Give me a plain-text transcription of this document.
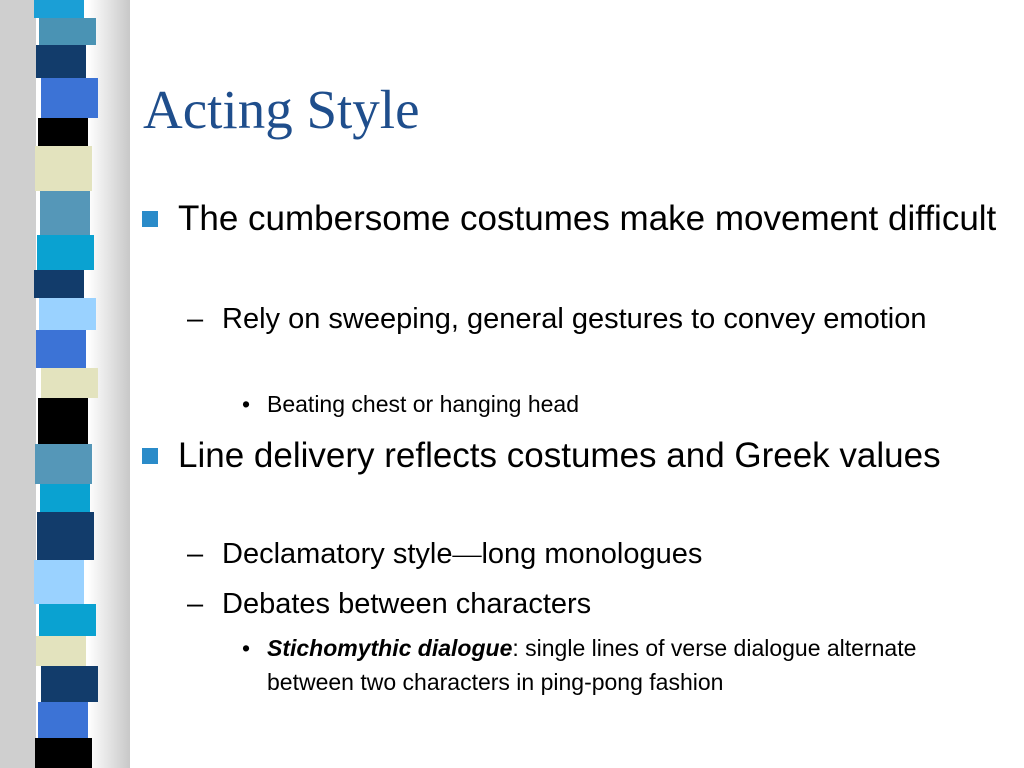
Acting Style
The cumbersome costumes make movement difficult
– Rely on sweeping, general gestures to convey emotion
• Beating chest or hanging head
Line delivery reflects costumes and Greek values
– Declamatory style—long monologues
– Debates between characters
• Stichomythic dialogue: single lines of verse dialogue alternate between two characters in ping-pong fashion
